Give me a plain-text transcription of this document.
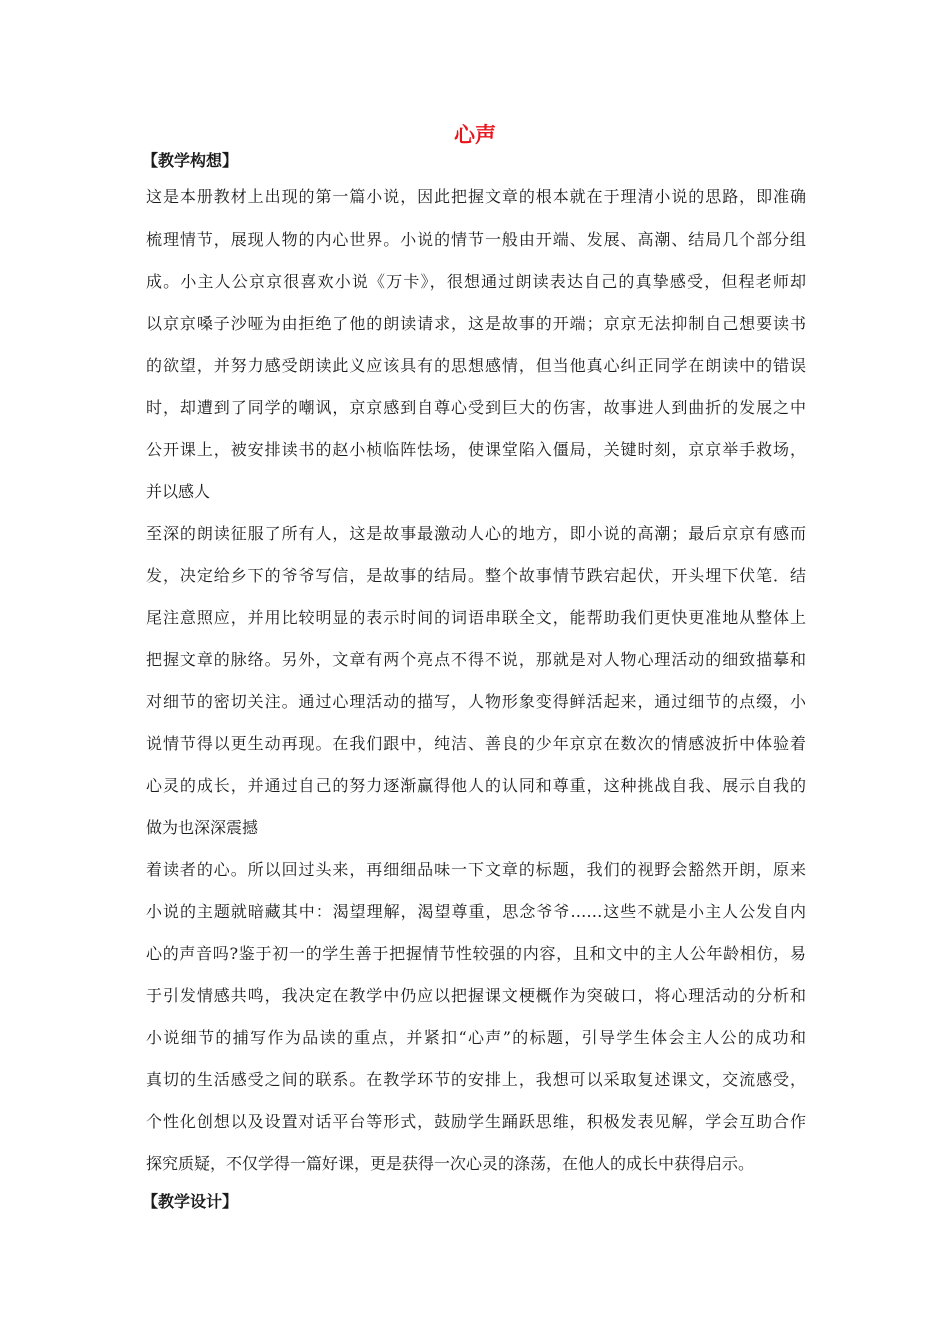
心声
【教学构想】
这是本册教材上出现的第一篇小说，因此把握文章的根本就在于理清小说的思路，即准确
梳理情节，展现人物的内心世界。小说的情节一般由开端、发展、高潮、结局几个部分组
成。小主人公京京很喜欢小说《万卡》，很想通过朗读表达自己的真挚感受，但程老师却
以京京嗓子沙哑为由拒绝了他的朗读请求，这是故事的开端；京京无法抑制自己想要读书
的欲望，并努力感受朗读此义应该具有的思想感情，但当他真心纠正同学在朗读中的错误
时，却遭到了同学的嘲讽，京京感到自尊心受到巨大的伤害，故事进人到曲折的发展之中
公开课上，被安排读书的赵小桢临阵怯场，使课堂陷入僵局，关键时刻，京京举手救场，
并以感人
至深的朗读征服了所有人，这是故事最激动人心的地方，即小说的高潮；最后京京有感而
发，决定给乡下的爷爷写信，是故事的结局。整个故事情节跌宕起伏，开头埋下伏笔．结
尾注意照应，并用比较明显的表示时间的词语串联全文，能帮助我们更快更准地从整体上
把握文章的脉络。另外，文章有两个亮点不得不说，那就是对人物心理活动的细致描摹和
对细节的密切关注。通过心理活动的描写，人物形象变得鲜活起来，通过细节的点缀，小
说情节得以更生动再现。在我们跟中，纯洁、善良的少年京京在数次的情感波折中体验着
心灵的成长，并通过自己的努力逐渐赢得他人的认同和尊重，这种挑战自我、展示自我的
做为也深深震撼
着读者的心。所以回过头来，再细细品味一下文章的标题，我们的视野会豁然开朗，原来
小说的主题就暗藏其中：渴望理解，渴望尊重，思念爷爷……这些不就是小主人公发自内
心的声音吗?鉴于初一的学生善于把握情节性较强的内容，且和文中的主人公年龄相仿，易
于引发情感共鸣，我决定在教学中仍应以把握课文梗概作为突破口，将心理活动的分析和
小说细节的捕写作为品读的重点，并紧扣“心声”的标题，引导学生体会主人公的成功和
真切的生活感受之间的联系。在教学环节的安排上，我想可以采取复述课文，交流感受，
个性化创想以及设置对话平台等形式，鼓励学生踊跃思维，积极发表见解，学会互助合作
探究质疑，不仅学得一篇好课，更是获得一次心灵的涤荡，在他人的成长中获得启示。
【教学设计】
